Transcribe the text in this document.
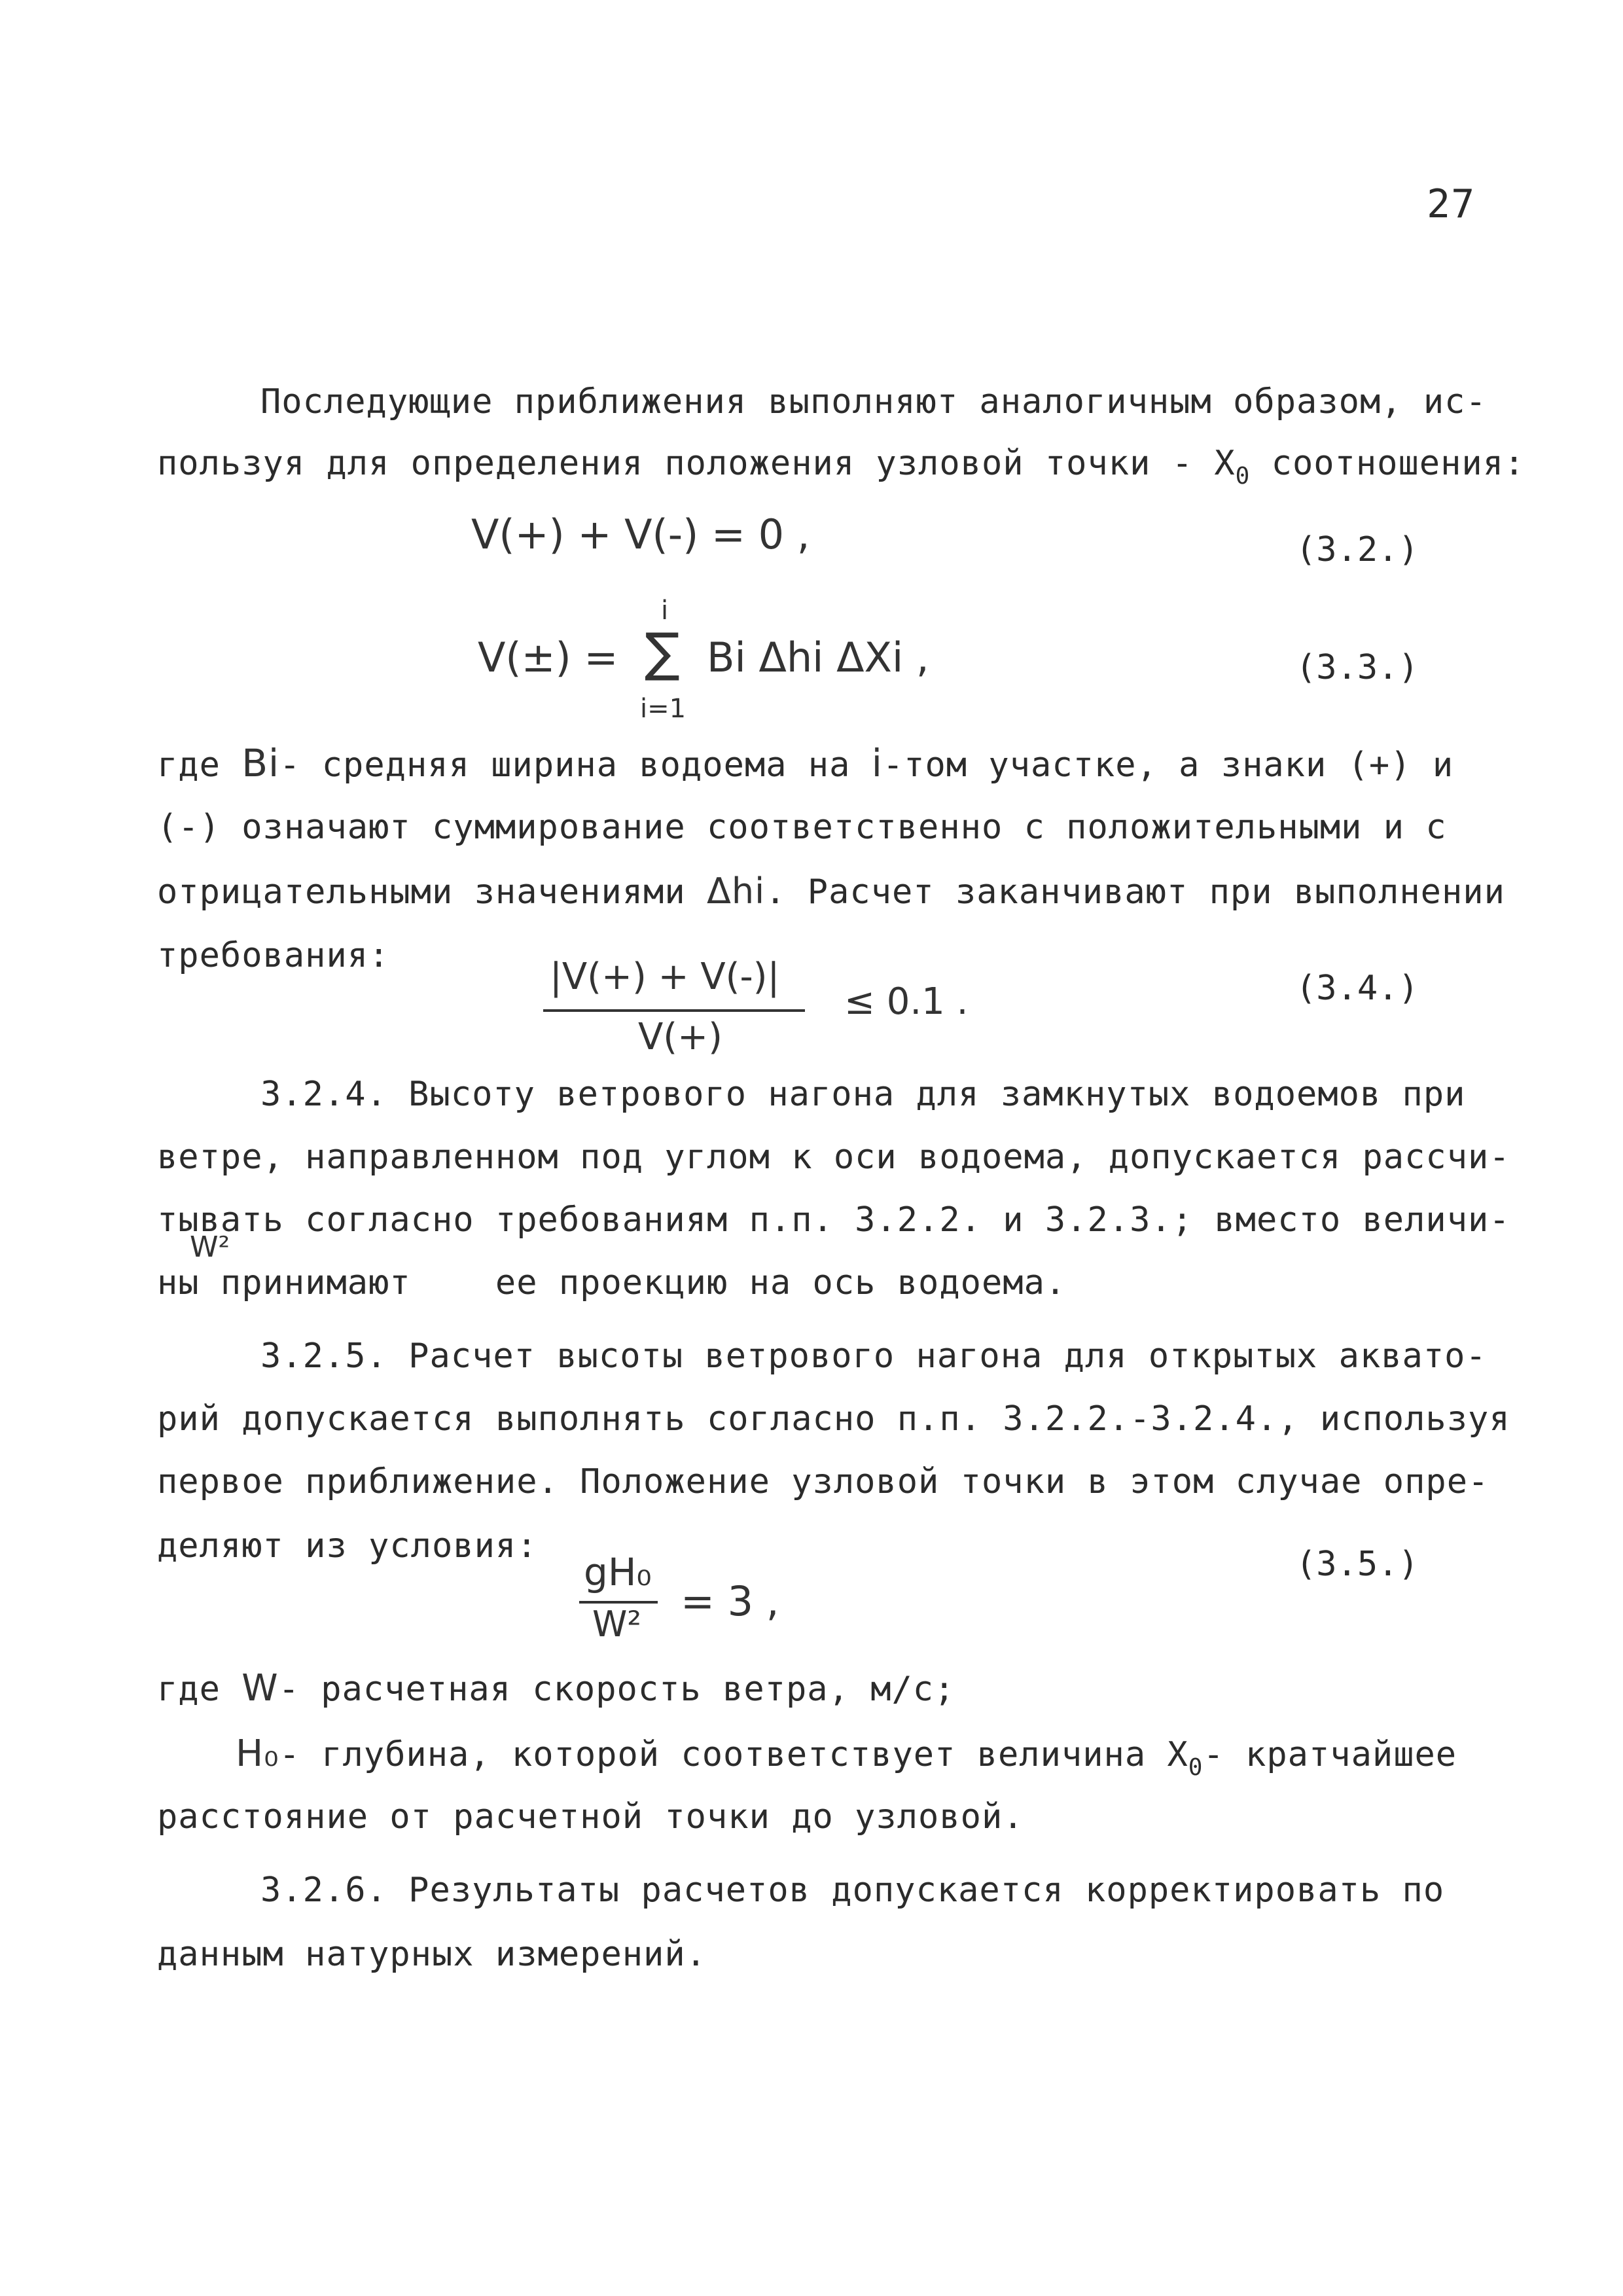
27
Последующие приближения выполняют аналогичным образом, ис-
пользуя для определения положения узловой точки - $X_0$ соотношения:
V(+) + V(-) = 0 ,	(3.2.)
V(±) =
i
∑
i=1
Bi Δhi ΔXi ,	(3.3.)
где Bi- средняя ширина водоема на i-том участке, а знаки (+) и
(-) означают суммирование соответственно с положительными и с
отрицательными значениями Δhi. Расчет заканчивают при выполнении
требования:	|V(+) + V(-)|
V(+)
≤ 0.1 .	(3.4.)
3.2.4. Высоту ветрового нагона для замкнутых водоемов при
ветре, направленном под углом к оси водоема, допускается рассчи-
тывать согласно требованиям п.п. 3.2.2. и 3.2.3.; вместо величи-
W²
ны принимают    ее проекцию на ось водоема.
3.2.5. Расчет высоты ветрового нагона для открытых аквато-
рий допускается выполнять согласно п.п. 3.2.2.-3.2.4., используя
первое приближение. Положение узловой точки в этом случае опре-
деляют из условия:
gH₀
W² = 3 ,
(3.5.)
где W- расчетная скорость ветра, м/с;
H₀- глубина, которой соответствует величина $X_0-$ кратчайшее
расстояние от расчетной точки до узловой.
3.2.6. Результаты расчетов допускается корректировать по
данным натурных измерений.
